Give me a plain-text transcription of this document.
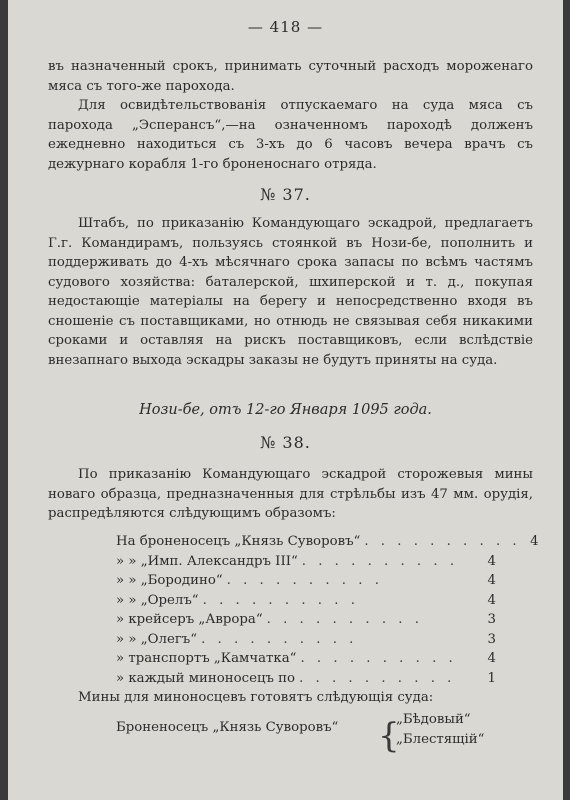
— 418 —

въ назначенный срокъ, принимать суточный расходъ мороженаго мяса съ того-же парохода.

Для освидѣтельствованія отпускаемаго на суда мяса съ парохода „Эсперансъ“,—на означенномъ пароходѣ долженъ ежедневно находиться съ 3-хъ до 6 часовъ вечера врачъ съ дежурнаго корабля 1-го броненоснаго отряда.

№ 37.

Штабъ, по приказанію Командующаго эскадрой, предлагаетъ Г.г. Командирамъ, пользуясь стоянкой въ Нози-бе, пополнить и поддерживать до 4-хъ мѣсячнаго срока запасы по всѣмъ частямъ судового хозяйства: баталерской, шхиперской и т. д., покупая недостающіе матеріалы на берегу и непосредственно входя въ сношеніе съ поставщиками, но отнюдь не связывая себя никакими сроками и оставляя на рискъ поставщиковъ, если вслѣдствіе внезапнаго выхода эскадры заказы не будутъ приняты на суда.

Нози-бе, отъ 12-го Января 1095 года.
№ 38.

По приказанію Командующаго эскадрой сторожевыя мины новаго образца, предназначенныя для стрѣльбы изъ 47 мм. орудія, распредѣляются слѣдующимъ образомъ:

На броненосецъ „Князь Суворовъ“ . . . . . . . . . . 4
» » „Имп. Александръ III“ . . . . . . . . . .	4
» » „Бородино“ . . . . . . . . . .	4
» » „Орелъ“ . . . . . . . . . .	4
» крейсеръ „Аврора“ . . . . . . . . . .	3
» » „Олегъ“ . . . . . . . . . .	3
» транспортъ „Камчатка“ . . . . . . . . . .	4
» каждый миноносецъ по . . . . . . . . . .	1

Мины для миноносцевъ готовятъ слѣдующія суда:

Броненосецъ „Князь Суворовъ“ {
„Бѣдовый“
„Блестящій“
